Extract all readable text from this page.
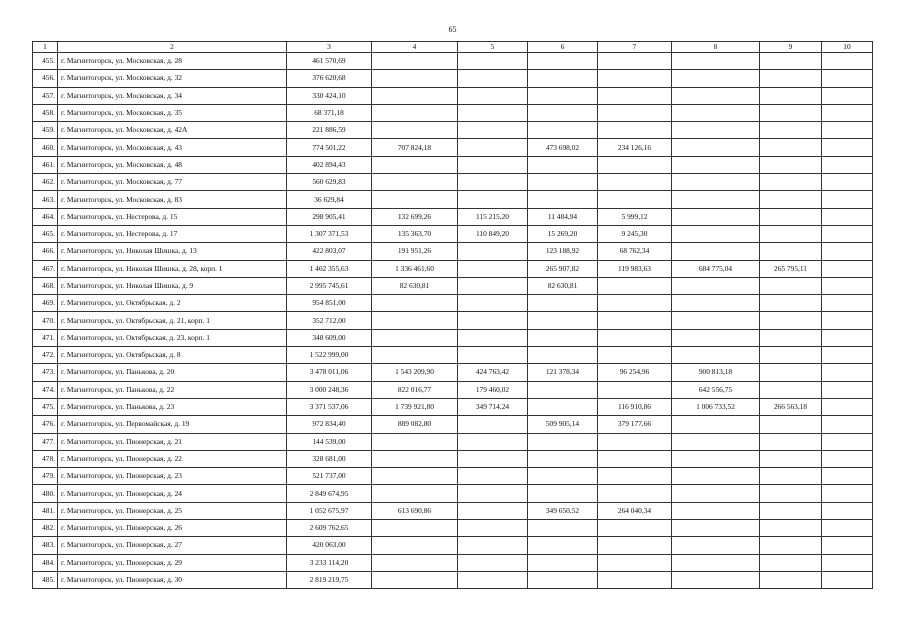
65
1	2	3	4	5	6	7	8	9	10
455.	г. Магнитогорск, ул. Московская, д. 28	461 570,69							
456.	г. Магнитогорск, ул. Московская, д. 32	376 620,68							
457.	г. Магнитогорск, ул. Московская, д. 34	330 424,10							
458.	г. Магнитогорск, ул. Московская, д. 35	68 371,18							
459.	г. Магнитогорск, ул. Московская, д. 42А	221 886,59							
460.	г. Магнитогорск, ул. Московская, д. 43	774 501,22	707 824,18		473 698,02	234 126,16			
461.	г. Магнитогорск, ул. Московская, д. 48	402 894,43							
462.	г. Магнитогорск, ул. Московская, д. 77	560 629,83							
463.	г. Магнитогорск, ул. Московская, д. 83	36 629,84							
464.	г. Магнитогорск, ул. Нестерова, д. 15	298 905,41	132 699,26	115 215,20	11 484,94	5 999,12			
465.	г. Магнитогорск, ул. Нестерова, д. 17	1 307 371,53	135 363,70	110 849,20	15 269,20	9 245,30			
466.	г. Магнитогорск, ул. Николая Шишка, д. 13	422 803,07	191 951,26		123 188,92	68 762,34			
467.	г. Магнитогорск, ул. Николая Шишка, д. 28, корп. 1	1 462 355,63	1 336 461,60		265 907,82	119 983,63	684 775,04	265 795,11	
468.	г. Магнитогорск, ул. Николая Шишка, д. 9	2 995 745,61	82 630,81		82 630,81				
469.	г. Магнитогорск, ул. Октябрьская, д. 2	954 851,00							
470.	г. Магнитогорск, ул. Октябрьская, д. 21, корп. 1	352 712,00							
471.	г. Магнитогорск, ул. Октябрьская, д. 23, корп. 1	348 609,00							
472.	г. Магнитогорск, ул. Октябрьская, д. 8	1 522 999,00							
473.	г. Магнитогорск, ул. Панькова, д. 20	3 478 011,06	1 543 209,90	424 763,42	121 378,34	96 254,96	900 813,18		
474.	г. Магнитогорск, ул. Панькова, д. 22	3 000 248,36	822 016,77	179 460,02			642 556,75		
475.	г. Магнитогорск, ул. Панькова, д. 23	3 371 537,06	1 739 921,80	349 714,24		116 910,86	1 006 733,52	266 563,18	
476.	г. Магнитогорск, ул. Первомайская, д. 19	972 834,40	889 082,80		509 905,14	379 177,66			
477.	г. Магнитогорск, ул. Пионерская, д. 21	144 539,00							
478.	г. Магнитогорск, ул. Пионерская, д. 22	328 681,00							
479.	г. Магнитогорск, ул. Пионерская, д. 23	521 737,00							
480.	г. Магнитогорск, ул. Пионерская, д. 24	2 849 674,95							
481.	г. Магнитогорск, ул. Пионерская, д. 25	1 052 675,97	613 690,86		349 650,52	264 040,34			
482.	г. Магнитогорск, ул. Пионерская, д. 26	2 609 762,65							
483.	г. Магнитогорск, ул. Пионерская, д. 27	420 063,00							
484.	г. Магнитогорск, ул. Пионерская, д. 29	3 233 114,20							
485.	г. Магнитогорск, ул. Пионерская, д. 30	2 819 219,75							
